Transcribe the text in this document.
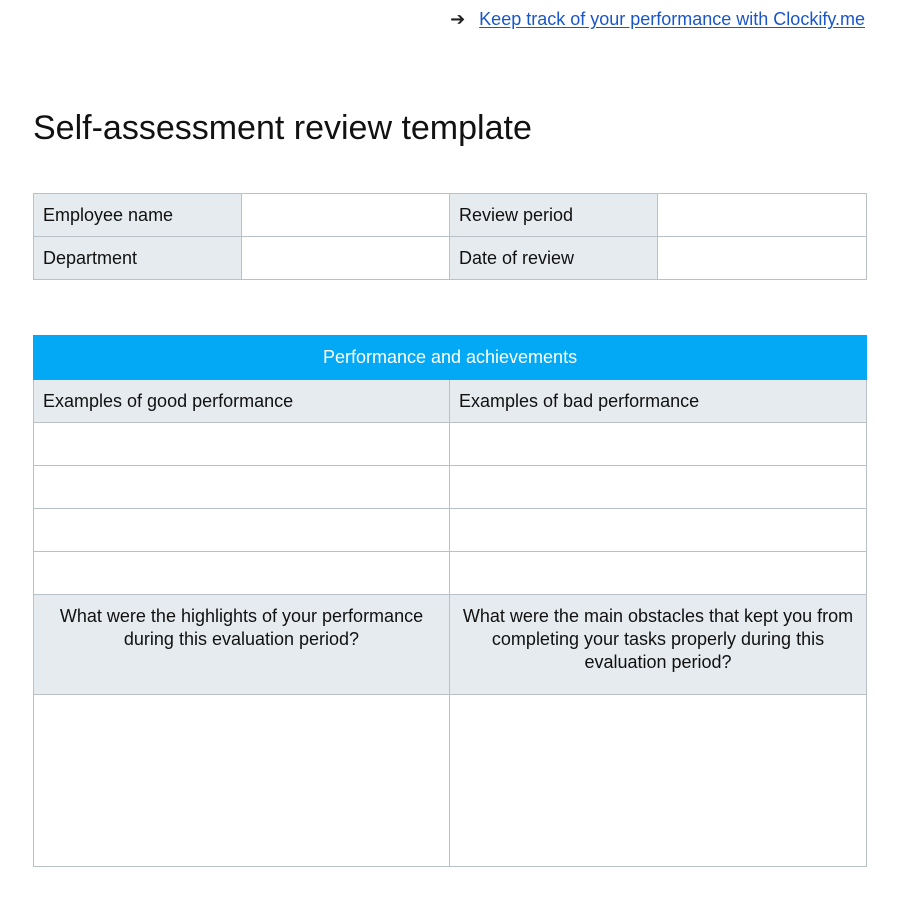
➔ Keep track of your performance with Clockify.me
Self-assessment review template
Employee name		Review period	
Department		Date of review	
Performance and achievements	
Examples of good performance	Examples of bad performance

What were the highlights of your performance during this evaluation period?	What were the main obstacles that kept you from completing your tasks properly during this evaluation period?
